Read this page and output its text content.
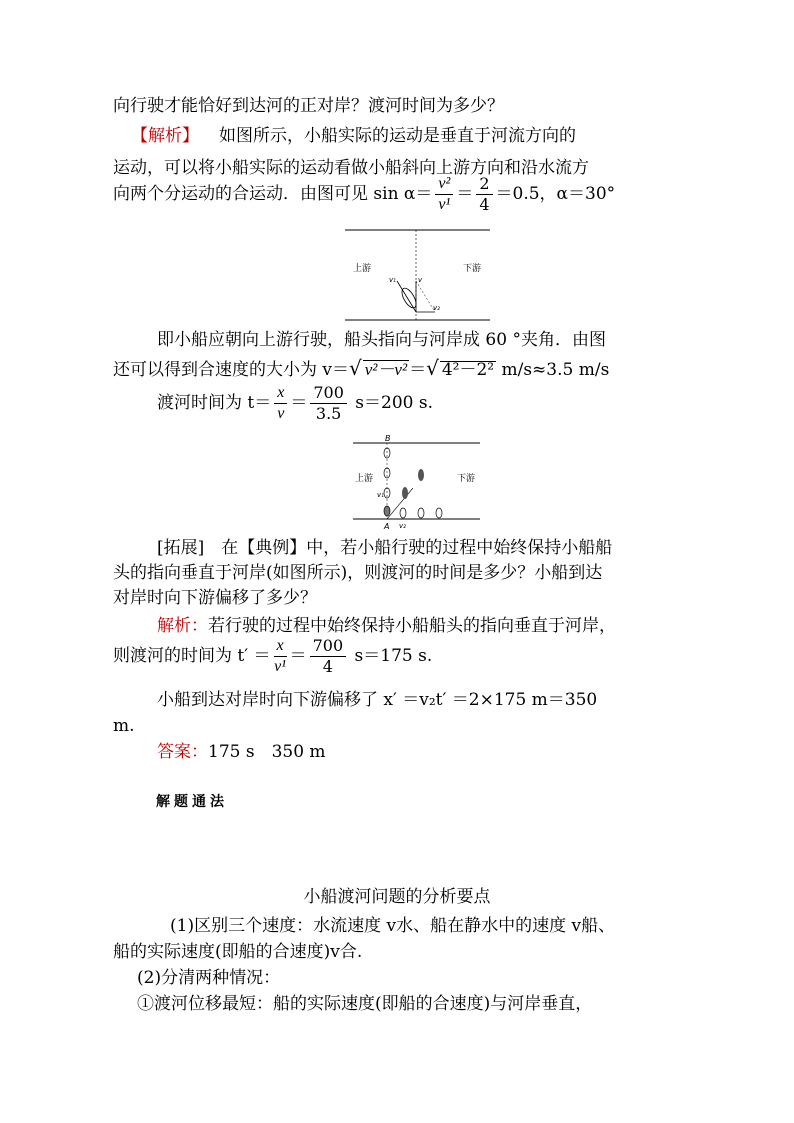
向行驶才能恰好到达河的正对岸？渡河时间为多少？
【解析】 如图所示，小船实际的运动是垂直于河流方向的
运动，可以将小船实际的运动看做小船斜向上游方向和沿水流方
向两个分运动的合运动．由图可见 $\sin \alpha= \frac{\text{v²}}{\text{v¹}} = \frac{2}{4} =0.5$，α＝30°
上游	下游
v₁	v
v₂
即小船应朝向上游行驶，船头指向与河岸成 60 °夹角．由图
还可以得到合速度的大小为 v＝√ v²－v² ＝√ 4²－2² m/s≈3.5 m/s
渡河时间为 $t= \frac{x}{v} = \frac{700}{3.5} s=200$ s.
B
A
上游	下游
v₁
v₂
[拓展]　在【典例】中，若小船行驶的过程中始终保持小船船
头的指向垂直于河岸(如图所示)，则渡河的时间是多少？小船到达
对岸时向下游偏移了多少？
解析：若行驶的过程中始终保持小船船头的指向垂直于河岸，
则渡河的时间为 $t' = \frac{x}{\text{v¹}} = \frac{700}{4} s=175$ s.
小船到达对岸时向下游偏移了 x′ ＝v₂t′ ＝2×175 m＝350
m.
答案：175 s　350 m
解题通法
小船渡河问题的分析要点
(1)区别三个速度：水流速度 v水、船在静水中的速度 v船、
船的实际速度(即船的合速度)v合.
(2)分清两种情况：
①渡河位移最短：船的实际速度(即船的合速度)与河岸垂直，
